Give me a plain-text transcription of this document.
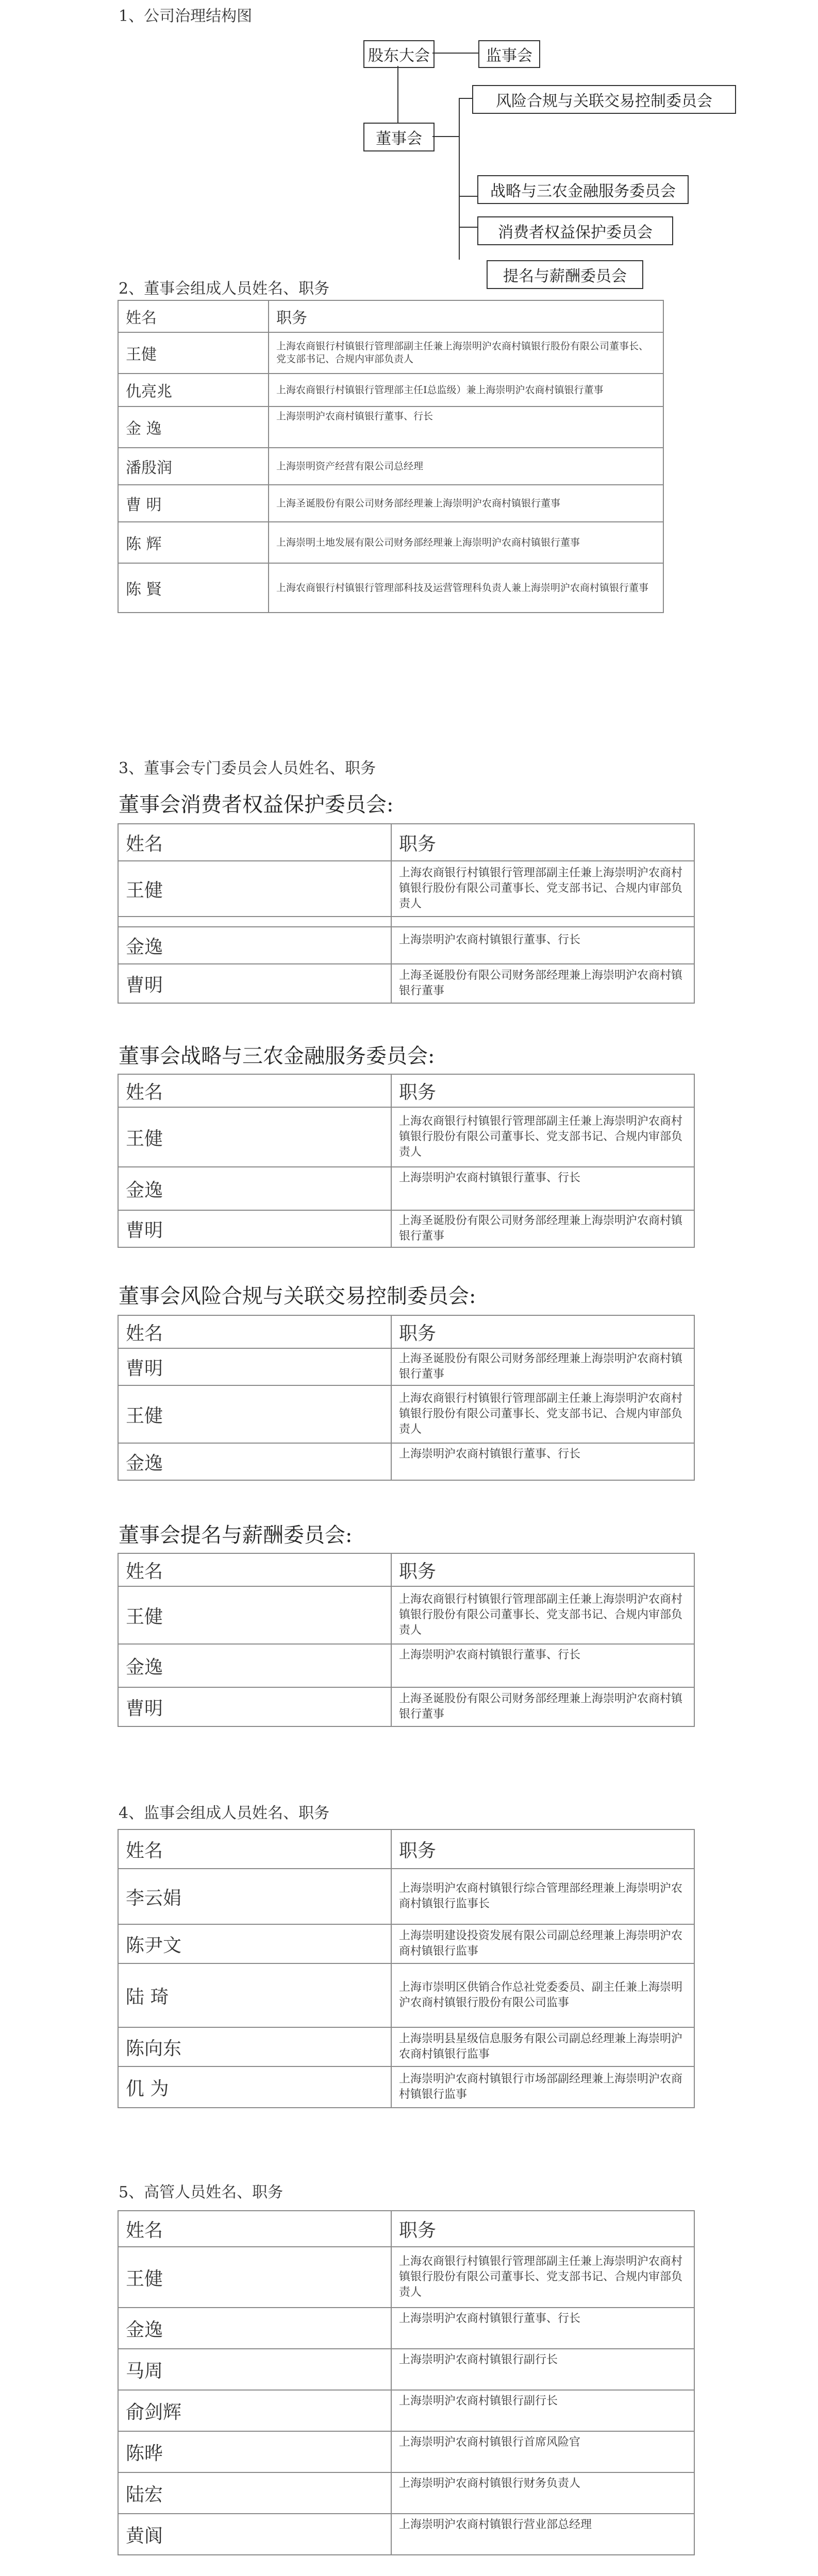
1、公司治理结构图
股东大会	监事会
董事会
风险合规与关联交易控制委员会
战略与三农金融服务委员会
消费者权益保护委员会
提名与薪酬委员会
2、董事会组成人员姓名、职务
姓名	职务
王健	上海农商银行村镇银行管理部副主任兼上海崇明沪农商村镇银行股份有限公司董事长、党支部书记、合规内审部负责人
仇亮兆	上海农商银行村镇银行管理部主任I总监级）兼上海崇明沪农商村镇银行董事
金 逸	上海崇明沪农商村镇银行董事、行长
潘殷润	上海崇明资产经营有限公司总经理
曹 明	上海圣诞股份有限公司财务部经理兼上海崇明沪农商村镇银行董事
陈 辉	上海崇明土地发展有限公司财务部经理兼上海崇明沪农商村镇银行董事
陈 賢	上海农商银行村镇银行管理部科技及运营管理科负责人兼上海崇明沪农商村镇银行董事
3、董事会专门委员会人员姓名、职务
董事会消费者权益保护委员会:
姓名	职务
王健	上海农商银行村镇银行管理部副主任兼上海崇明沪农商村镇银行股份有限公司董事长、党支部书记、合规内审部负责人

金逸	上海崇明沪农商村镇银行董事、行长
曹明	上海圣诞股份有限公司财务部经理兼上海崇明沪农商村镇银行董事
董事会战略与三农金融服务委员会:
姓名	职务
王健	上海农商银行村镇银行管理部副主任兼上海崇明沪农商村镇银行股份有限公司董事长、党支部书记、合规内审部负责人
金逸	上海崇明沪农商村镇银行董事、行长
曹明	上海圣诞股份有限公司财务部经理兼上海崇明沪农商村镇银行董事
董事会风险合规与关联交易控制委员会:
姓名	职务
曹明	上海圣诞股份有限公司财务部经理兼上海崇明沪农商村镇银行董事
王健	上海农商银行村镇银行管理部副主任兼上海崇明沪农商村镇银行股份有限公司董事长、党支部书记、合规内审部负责人
金逸	上海崇明沪农商村镇银行董事、行长
董事会提名与薪酬委员会:
姓名	职务
王健	上海农商银行村镇银行管理部副主任兼上海崇明沪农商村镇银行股份有限公司董事长、党支部书记、合规内审部负责人
金逸	上海崇明沪农商村镇银行董事、行长
曹明	上海圣诞股份有限公司财务部经理兼上海崇明沪农商村镇银行董事
4、监事会组成人员姓名、职务
姓名	职务
李云娟	上海崇明沪农商村镇银行综合管理部经理兼上海崇明沪农商村镇银行监事长
陈尹文	上海崇明建设投资发展有限公司副总经理兼上海崇明沪农商村镇银行监事
陆 琦	上海市崇明区供销合作总社党委委员、副主任兼上海崇明沪农商村镇银行股份有限公司监事
陈向东	上海崇明县星级信息服务有限公司副总经理兼上海崇明沪农商村镇银行监事
仉 为	上海崇明沪农商村镇银行市场部副经理兼上海崇明沪农商村镇银行监事
5、高管人员姓名、职务
姓名	职务
王健	上海农商银行村镇银行管理部副主任兼上海崇明沪农商村镇银行股份有限公司董事长、党支部书记、合规内审部负责人
金逸	上海崇明沪农商村镇银行董事、行长
马周	上海崇明沪农商村镇银行副行长
俞剑辉	上海崇明沪农商村镇银行副行长
陈晔	上海崇明沪农商村镇银行首席风险官
陆宏	上海崇明沪农商村镇银行财务负责人
黄阆	上海崇明沪农商村镇银行营业部总经理
